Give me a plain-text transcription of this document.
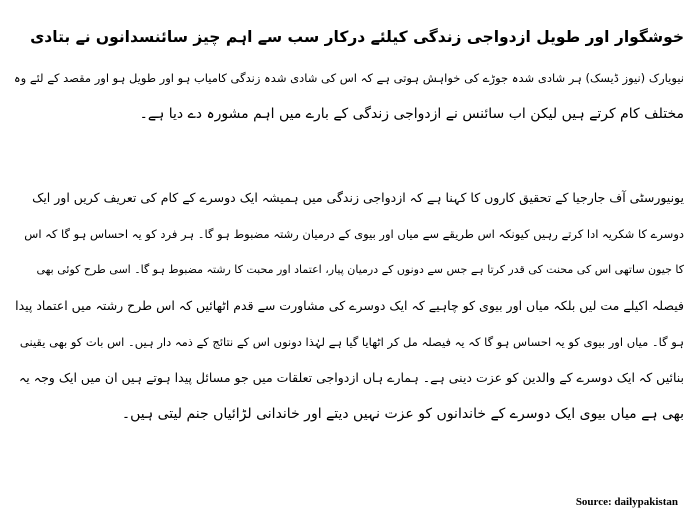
خوشگوار اور طویل ازدواجی زندگی کیلئے درکار سب سے اہم چیز سائنسدانوں نے بتادی
نیویارک (نیوز ڈیسک) ہر شادی شدہ جوڑے کی خواہش ہوتی ہے کہ اس کی شادی شدہ زندگی کامیاب ہو اور طویل ہو اور مقصد کے لئے وہ
مختلف کام کرتے ہیں لیکن اب سائنس نے ازدواجی زندگی کے بارے میں اہم مشورہ دے دیا ہے۔
یونیورسٹی آف جارجیا کے تحقیق کاروں کا کہنا ہے کہ ازدواجی زندگی میں ہمیشہ ایک دوسرے کے کام کی تعریف کریں اور ایک
دوسرے کا شکریہ ادا کرتے رہیں کیونکہ اس طریقے سے میاں اور بیوی کے درمیان رشتہ مضبوط ہو گا۔ ہر فرد کو یہ احساس ہو گا کہ اس
کا جیون ساتھی اس کی محنت کی قدر کرتا ہے جس سے دونوں کے درمیان پیار، اعتماد اور محبت کا رشتہ مضبوط ہو گا۔ اسی طرح کوئی بھی
فیصلہ اکیلے مت لیں بلکہ میاں اور بیوی کو چاہیے کہ ایک دوسرے کی مشاورت سے قدم اٹھائیں کہ اس طرح رشتہ میں اعتماد پیدا
ہو گا۔ میاں اور بیوی کو یہ احساس ہو گا کہ یہ فیصلہ مل کر اٹھایا گیا ہے لہٰذا دونوں اس کے نتائج کے ذمہ دار ہیں۔ اس بات کو بھی یقینی
بنائیں کہ ایک دوسرے کے والدین کو عزت دینی ہے۔ ہمارے ہاں ازدواجی تعلقات میں جو مسائل پیدا ہوتے ہیں ان میں ایک وجہ یہ
بھی ہے میاں بیوی ایک دوسرے کے خاندانوں کو عزت نہیں دیتے اور خاندانی لڑائیاں جنم لیتی ہیں۔
Source: dailypakistan
